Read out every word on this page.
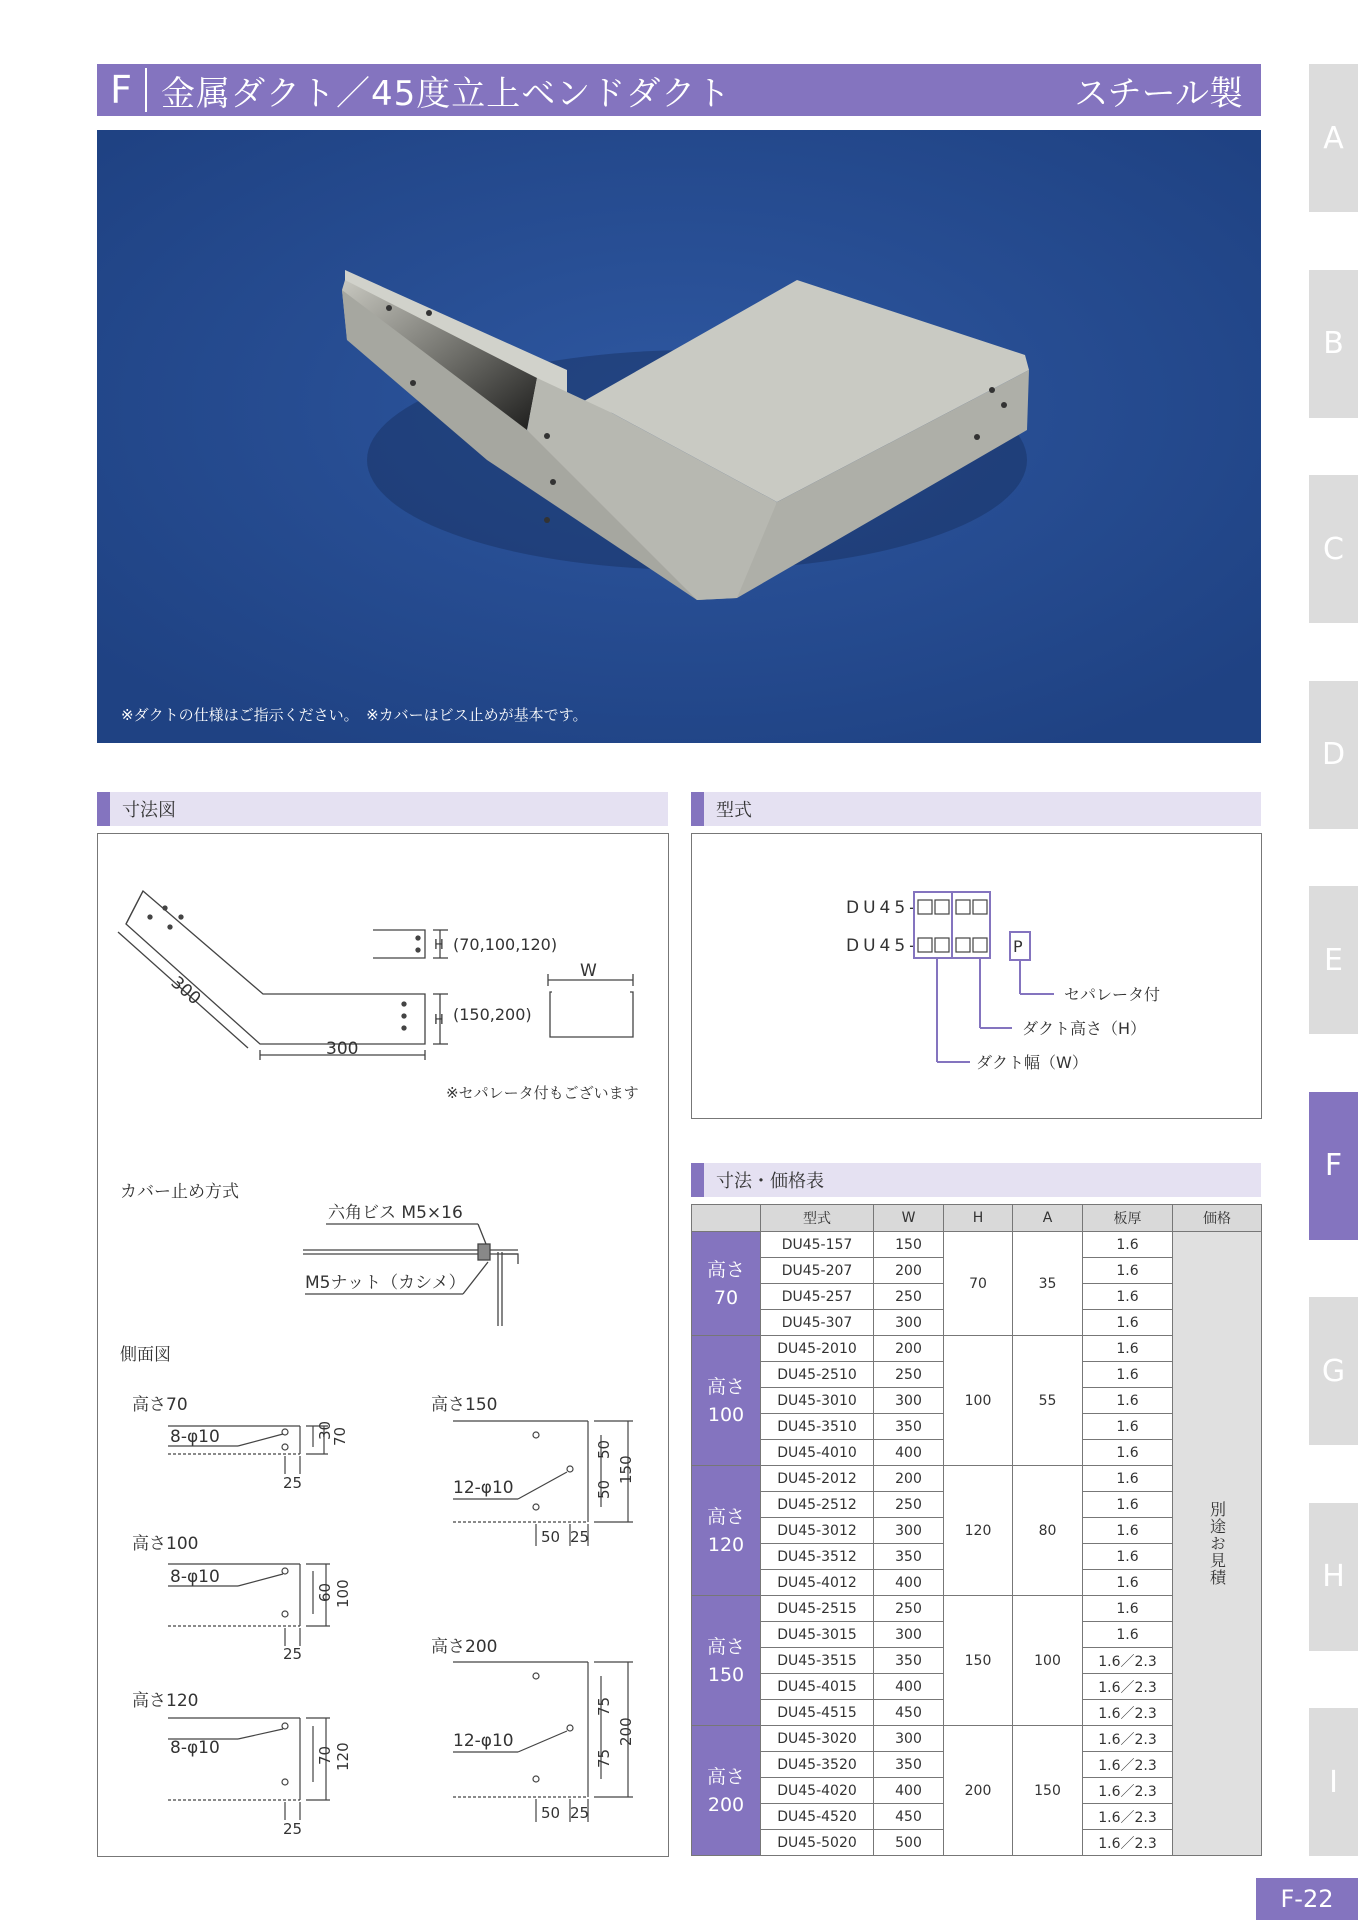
F 金属ダクト／45度立上ベンドダクト	スチール製
※ダクトの仕様はご指示ください。　※カバーはビス止めが基本です。
寸法図
300
300
H (70,100,120)
H (150,200)
W
※セパレータ付もございます
カバー止め方式
六角ビス M5×16
M5ナット（カシメ）
側面図
高さ70
8-φ10	30
70
25
高さ100
8-φ10
60 100
25
高さ120
8-φ10	70 120
25
高さ150
12-φ10
50
50
150
50 25
高さ200
12-φ10
75
75
200
50 25
型式
DU45-
DU45-	P
セパレータ付
ダクト高さ（H）
ダクト幅（W）
寸法・価格表
	型式	W	H	A	板厚	価格

高さ
70	DU45-157	150	70	35	1.6	別途お見積

	DU45-207	200			1.6	
	DU45-257	250			1.6	
	DU45-307	300			1.6	

高さ
100	DU45-2010	200	100	55	1.6	
	DU45-2510	250			1.6	
	DU45-3010	300			1.6	
	DU45-3510	350			1.6	
	DU45-4010	400			1.6	

高さ
120	DU45-2012	200	120	80	1.6	
	DU45-2512	250			1.6	
	DU45-3012	300			1.6	
	DU45-3512	350			1.6	
	DU45-4012	400			1.6	

高さ
150	DU45-2515	250	150	100	1.6	
	DU45-3015	300			1.6	
	DU45-3515	350			1.6／2.3	
	DU45-4015	400			1.6／2.3	
	DU45-4515	450			1.6／2.3	

高さ
200	DU45-3020	300	200	150	1.6／2.3	
	DU45-3520	350			1.6／2.3	
	DU45-4020	400			1.6／2.3	
	DU45-4520	450			1.6／2.3	
	DU45-5020	500			1.6／2.3	
A
B
C
D
E
F
G
H
I
F-22
